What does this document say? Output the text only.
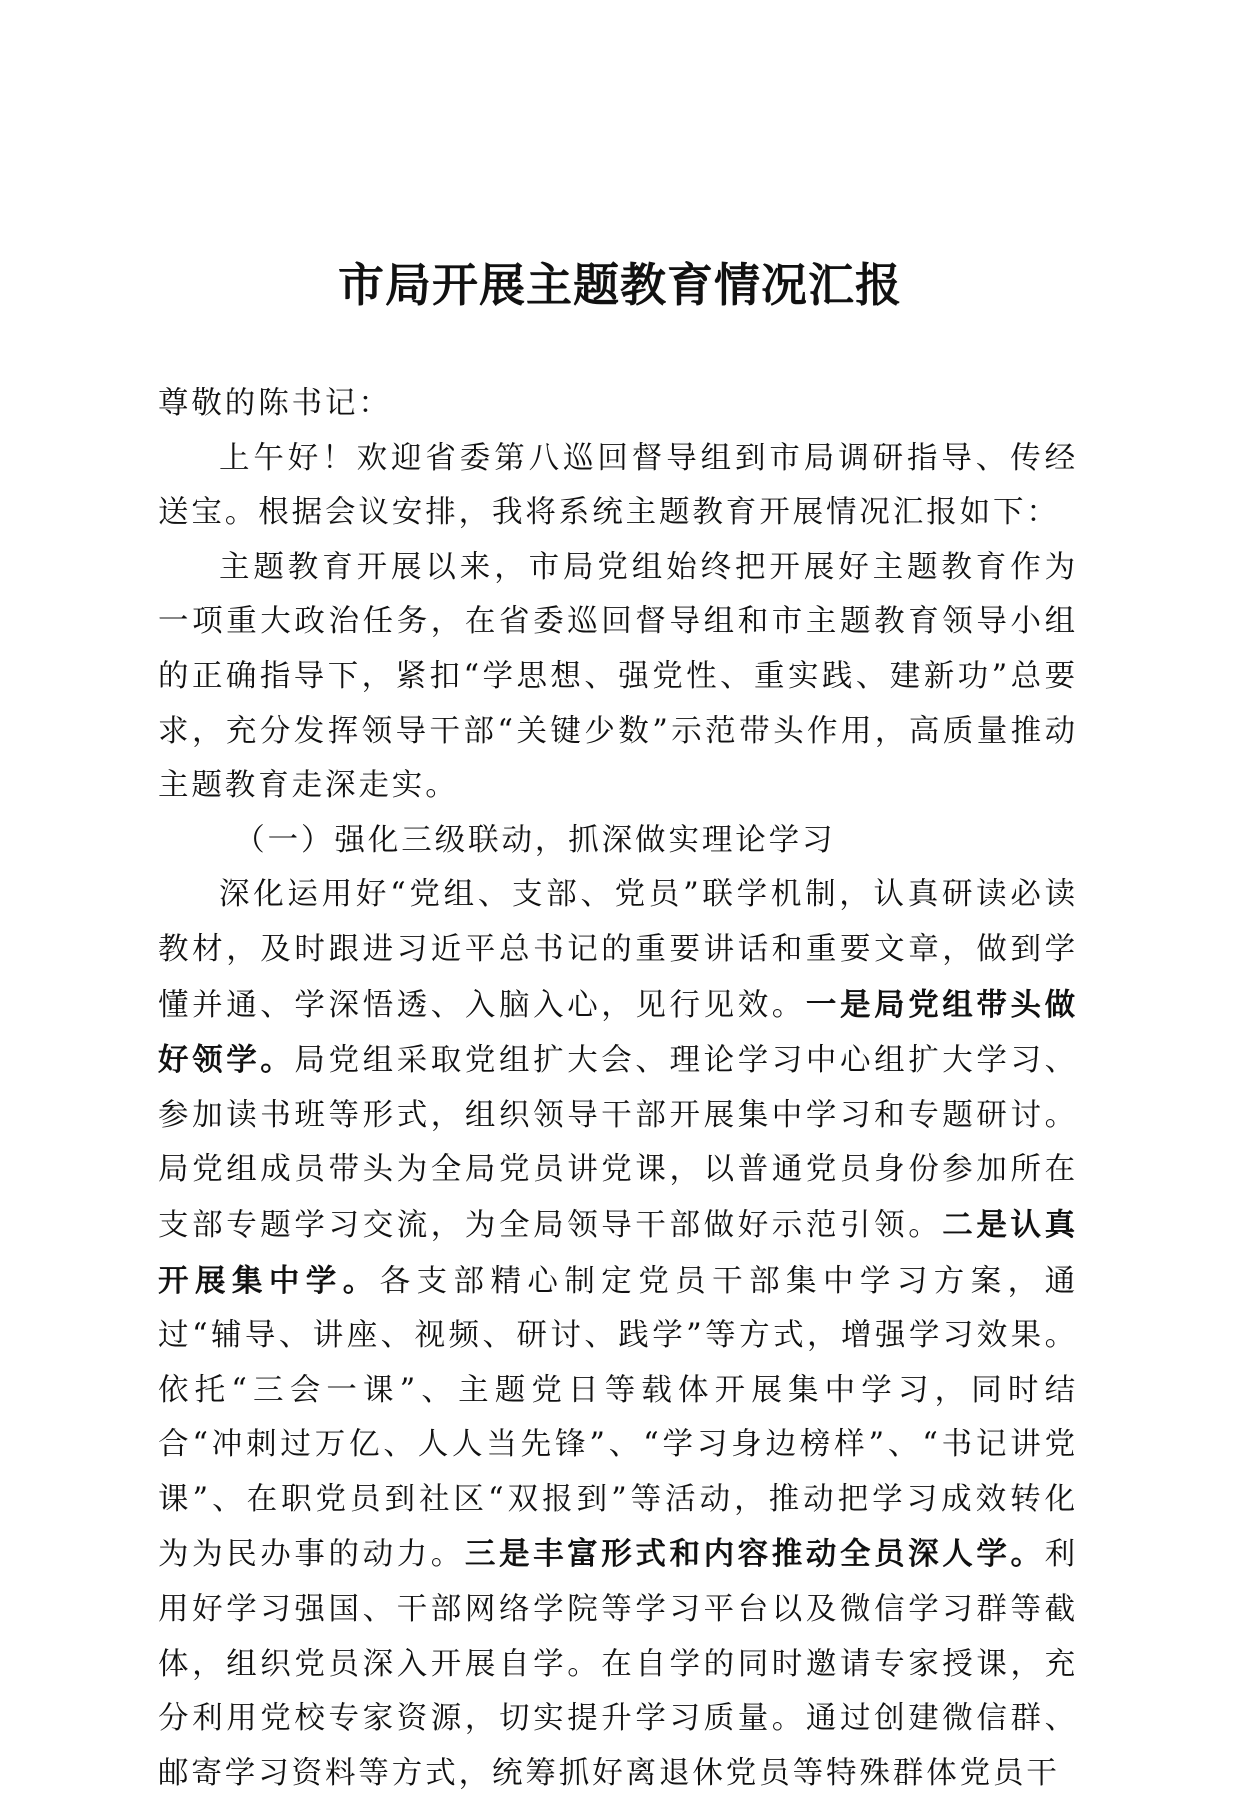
市局开展主题教育情况汇报

尊敬的陈书记：

上午好！欢迎省委第八巡回督导组到市局调研指导、传经送宝。根据会议安排，我将系统主题教育开展情况汇报如下：

主题教育开展以来，市局党组始终把开展好主题教育作为一项重大政治任务，在省委巡回督导组和市主题教育领导小组的正确指导下，紧扣“学思想、强党性、重实践、建新功”总要求，充分发挥领导干部“关键少数”示范带头作用，高质量推动主题教育走深走实。

（一）强化三级联动，抓深做实理论学习

深化运用好“党组、支部、党员”联学机制，认真研读必读教材，及时跟进习近平总书记的重要讲话和重要文章，做到学懂并通、学深悟透、入脑入心，见行见效。一是局党组带头做好领学。局党组采取党组扩大会、理论学习中心组扩大学习、参加读书班等形式，组织领导干部开展集中学习和专题研讨。局党组成员带头为全局党员讲党课，以普通党员身份参加所在支部专题学习交流，为全局领导干部做好示范引领。二是认真开展集中学。各支部精心制定党员干部集中学习方案，通过“辅导、讲座、视频、研讨、践学”等方式，增强学习效果。依托“三会一课”、主题党日等载体开展集中学习，同时结合“冲刺过万亿、人人当先锋”、“学习身边榜样”、“书记讲党课”、在职党员到社区“双报到”等活动，推动把学习成效转化为为民办事的动力。三是丰富形式和内容推动全员深人学。利用好学习强国、干部网络学院等学习平台以及微信学习群等截体，组织党员深入开展自学。在自学的同时邀请专家授课，充分利用党校专家资源，切实提升学习质量。通过创建微信群、邮寄学习资料等方式，统筹抓好离退休党员等特殊群体党员干
